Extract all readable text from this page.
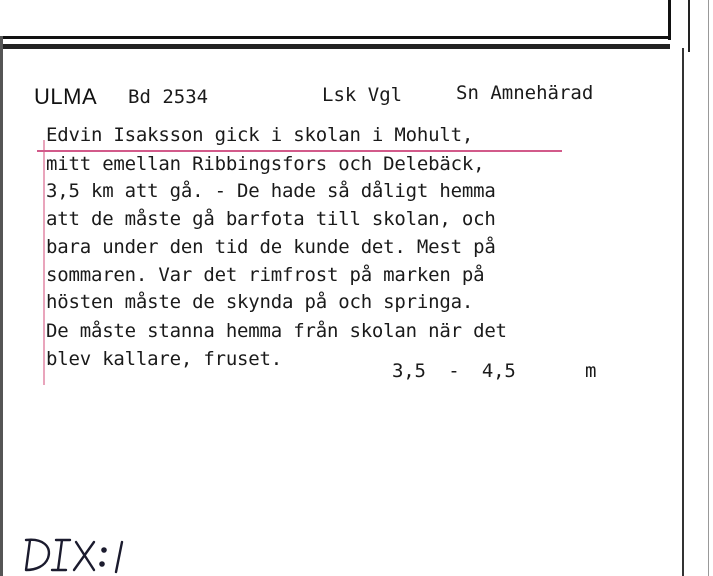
ULMA Bd 2534	Lsk Vgl	Sn Amnehärad
Edvin Isaksson gick i skolan i Mohult,
mitt emellan Ribbingsfors och Delebäck,
3,5 km att gå. - De hade så dåligt hemma
att de måste gå barfota till skolan, och
bara under den tid de kunde det. Mest på
sommaren. Var det rimfrost på marken på
hösten måste de skynda på och springa.
De måste stanna hemma från skolan när det
blev kallare, fruset.
3,5  -  4,5	m
